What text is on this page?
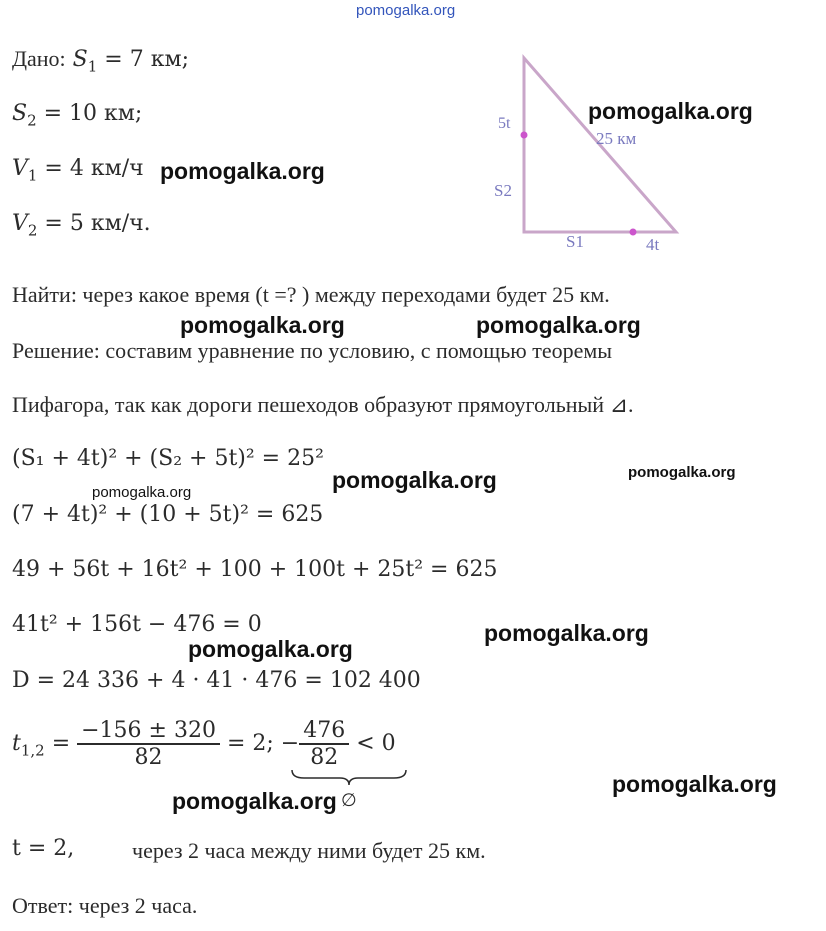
pomogalka.org
Дано: $S_1 = 7$ км;
$S_2 = 10$ км;
$V_1 = 4$ км/ч
$V_2 = 5$ км/ч.
5t
S2
S1	4t
25 км
Найти: через какое время (t =? ) между переходами будет 25 км.
Решение: составим уравнение по условию, с помощью теоремы
Пифагора, так как дороги пешеходов образуют прямоугольный ⊿.
(S₁ + 4t)² + (S₂ + 5t)² = 25²
(7 + 4t)² + (10 + 5t)² = 625
49 + 56t + 16t² + 100 + 100t + 25t² = 625
41t² + 156t − 476 = 0
D = 24 336 + 4 · 41 · 476 = 102 400
$t_{1,2} = \frac{-156 \pm 320}{82} = 2$; − $\frac{476}{82} < 0$
∅
t = 2,	через 2 часа между ними будет 25 км.
Ответ: через 2 часа.
pomogalka.org
pomogalka.org
pomogalka.org	pomogalka.org
pomogalka.org
pomogalka.org
pomogalka.org
pomogalka.org
pomogalka.org
pomogalka.org
pomogalka.org
